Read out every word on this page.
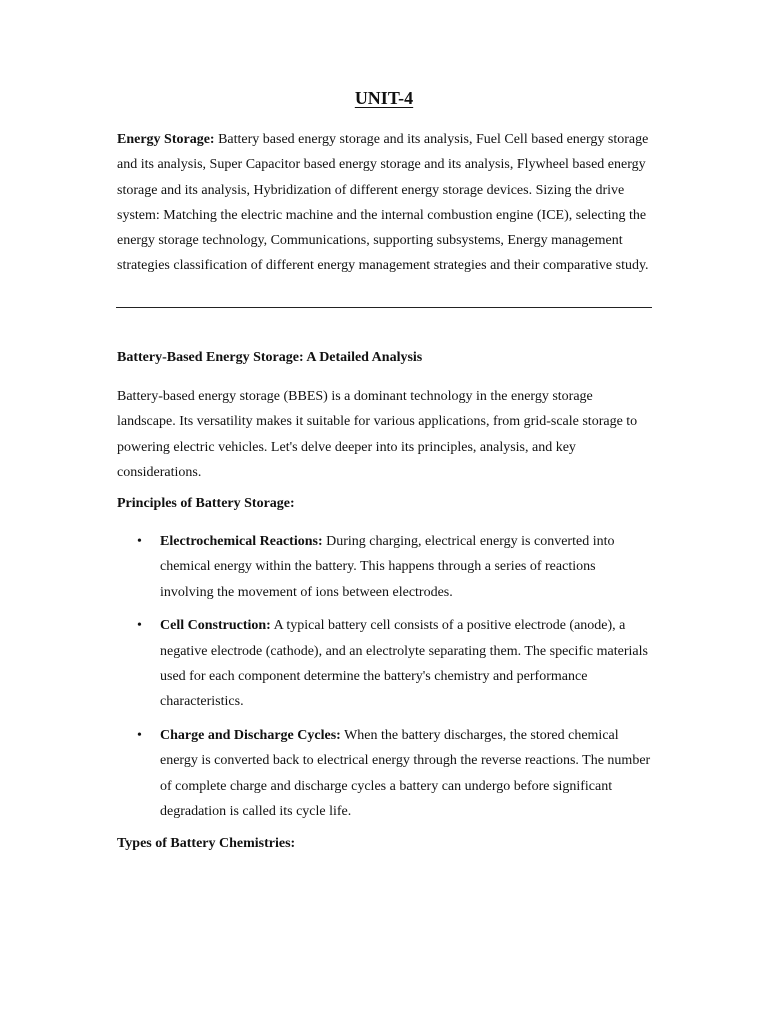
UNIT-4
Energy Storage: Battery based energy storage and its analysis, Fuel Cell based energy storage and its analysis, Super Capacitor based energy storage and its analysis, Flywheel based energy storage and its analysis, Hybridization of different energy storage devices. Sizing the drive system: Matching the electric machine and the internal combustion engine (ICE), selecting the energy storage technology, Communications, supporting subsystems, Energy management strategies classification of different energy management strategies and their comparative study.
Battery-Based Energy Storage: A Detailed Analysis
Battery-based energy storage (BBES) is a dominant technology in the energy storage landscape. Its versatility makes it suitable for various applications, from grid-scale storage to powering electric vehicles. Let's delve deeper into its principles, analysis, and key considerations.
Principles of Battery Storage:
• Electrochemical Reactions: During charging, electrical energy is converted into chemical energy within the battery. This happens through a series of reactions involving the movement of ions between electrodes.
• Cell Construction: A typical battery cell consists of a positive electrode (anode), a negative electrode (cathode), and an electrolyte separating them. The specific materials used for each component determine the battery's chemistry and performance characteristics.
• Charge and Discharge Cycles: When the battery discharges, the stored chemical energy is converted back to electrical energy through the reverse reactions. The number of complete charge and discharge cycles a battery can undergo before significant degradation is called its cycle life.
Types of Battery Chemistries:
